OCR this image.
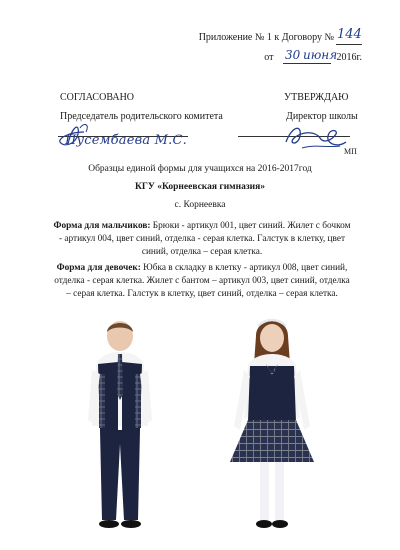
Приложение № 1 к Договору № 144
от	2016г.
30 июня
СОГЛАСОВАНО	УТВЕРЖДАЮ
Председатель родительского комитета	Директор школы
Пусембаева М.С.
МП
Образцы единой формы для учащихся на 2016-2017год
КГУ «Корнеевская гимназия»
с. Корнеевка
Форма для мальчиков: Брюки - артикул 001, цвет синий. Жилет с бочком - артикул 004, цвет синий, отделка - серая клетка. Галстук в клетку, цвет синий, отделка – серая клетка.
Форма для девочек: Юбка в складку в клетку - артикул 008, цвет синий, отделка - серая клетка. Жилет с бантом – артикул 003, цвет синий, отделка – серая клетка. Галстук в клетку, цвет синий, отделка – серая клетка.
